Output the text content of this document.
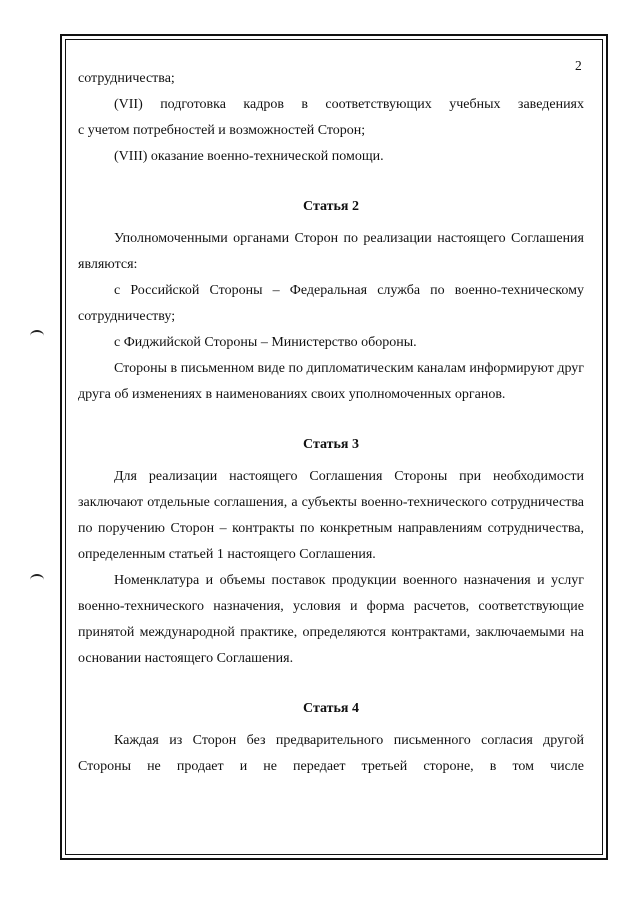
2

сотрудничества;

(VII) подготовка кадров в соответствующих учебных заведениях

с учетом потребностей и возможностей Сторон;

(VIII) оказание военно-технической помощи.

Статья 2

Уполномоченными органами Сторон по реализации настоящего Соглашения являются:

с Российской Стороны – Федеральная служба по военно-техническому сотрудничеству;

с Фиджийской Стороны – Министерство обороны.

Стороны в письменном виде по дипломатическим каналам информируют друг друга об изменениях в наименованиях своих уполномоченных органов.

Статья 3

Для реализации настоящего Соглашения Стороны при необходимости заключают отдельные соглашения, а субъекты военно-технического сотрудничества по поручению Сторон – контракты по конкретным направлениям сотрудничества, определенным статьей 1 настоящего Соглашения.

Номенклатура и объемы поставок продукции военного назначения и услуг военно-технического назначения, условия и форма расчетов, соответствующие принятой международной практике, определяются контрактами, заключаемыми на основании настоящего Соглашения.

Статья 4

Каждая из Сторон без предварительного письменного согласия другой Стороны не продает и не передает третьей стороне, в том числе
